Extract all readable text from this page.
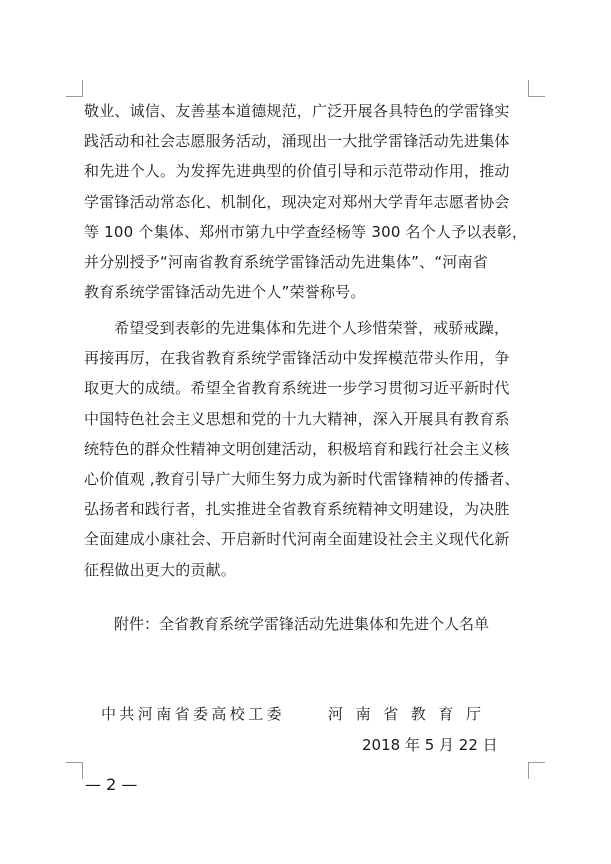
敬业、诚信、友善基本道德规范，广泛开展各具特色的学雷锋实
践活动和社会志愿服务活动，涌现出一大批学雷锋活动先进集体
和先进个人。为发挥先进典型的价值引导和示范带动作用，推动
学雷锋活动常态化、机制化，现决定对郑州大学青年志愿者协会
等 100 个集体、郑州市第九中学查经杨等 300 名个人予以表彰，
并分别授予“河南省教育系统学雷锋活动先进集体”、“河南省
教育系统学雷锋活动先进个人”荣誉称号。
希望受到表彰的先进集体和先进个人珍惜荣誉，戒骄戒躁，
再接再厉，在我省教育系统学雷锋活动中发挥模范带头作用，争
取更大的成绩。希望全省教育系统进一步学习贯彻习近平新时代
中国特色社会主义思想和党的十九大精神，深入开展具有教育系
统特色的群众性精神文明创建活动，积极培育和践行社会主义核
心价值观 ,教育引导广大师生努力成为新时代雷锋精神的传播者、
弘扬者和践行者，扎实推进全省教育系统精神文明建设，为决胜
全面建成小康社会、开启新时代河南全面建设社会主义现代化新
征程做出更大的贡献。
附件：全省教育系统学雷锋活动先进集体和先进个人名单
中共河南省委高校工委	河南省教育厅
2018 年 5 月 22 日
— 2 —
